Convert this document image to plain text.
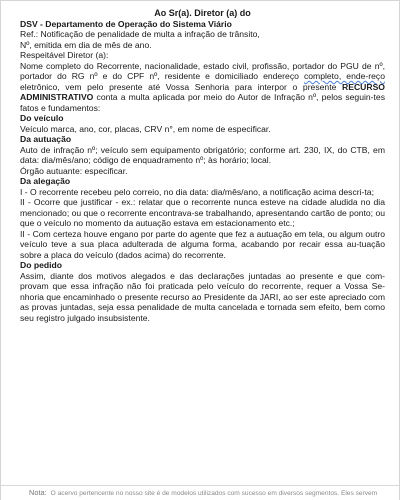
Ao Sr(a). Diretor (a) do

DSV - Departamento de Operação do Sistema Viário

Ref.: Notificação de penalidade de multa a infração de trânsito,

Nº, emitida em dia de mês de ano.

Respeitável Diretor (a):

Nome completo do Recorrente, nacionalidade, estado civil, profissão, portador do PGU de nº, portador do RG nº e do CPF nº, residente e domiciliado endereço completo, ende-reço eletrônico, vem pelo presente até Vossa Senhoria para interpor o presente RECURSO ADMINISTRATIVO conta a multa aplicada por meio do Autor de Infração nº, pelos seguin-tes fatos e fundamentos:

Do veículo

Veículo marca, ano, cor, placas, CRV n°, em nome de especificar.

Da autuação

Auto de infração nº; veículo sem equipamento obrigatório; conforme art. 230, IX, do CTB, em data: dia/mês/ano; código de enquadramento nº; às horário; local.

Órgão autuante: especificar.

Da alegação

I - O recorrente recebeu pelo correio, no dia data: dia/mês/ano, a notificação acima descri-ta;

II - Ocorre que justificar - ex.: relatar que o recorrente nunca esteve na cidade aludida no dia mencionado; ou que o recorrente encontrava-se trabalhando, apresentando cartão de ponto; ou que o veículo no momento da autuação estava em estacionamento etc.;

II - Com certeza houve engano por parte do agente que fez a autuação em tela, ou algum outro veículo teve a sua placa adulterada de alguma forma, acabando por recair essa au-tuação sobre a placa do veículo (dados acima) do recorrente.

Do pedido

Assim, diante dos motivos alegados e das declarações juntadas ao presente e que com-provam que essa infração não foi praticada pelo veículo do recorrente, requer a Vossa Se-nhoria que encaminhado o presente recurso ao Presidente da JARI, ao ser este apreciado com as provas juntadas, seja essa penalidade de multa cancelada e tornada sem efeito, bem como seu registro julgado insubsistente.

Nota: O acervo pertencente no nosso site é de modelos utilizados com sucesso em diversos segmentos. Eles servem
